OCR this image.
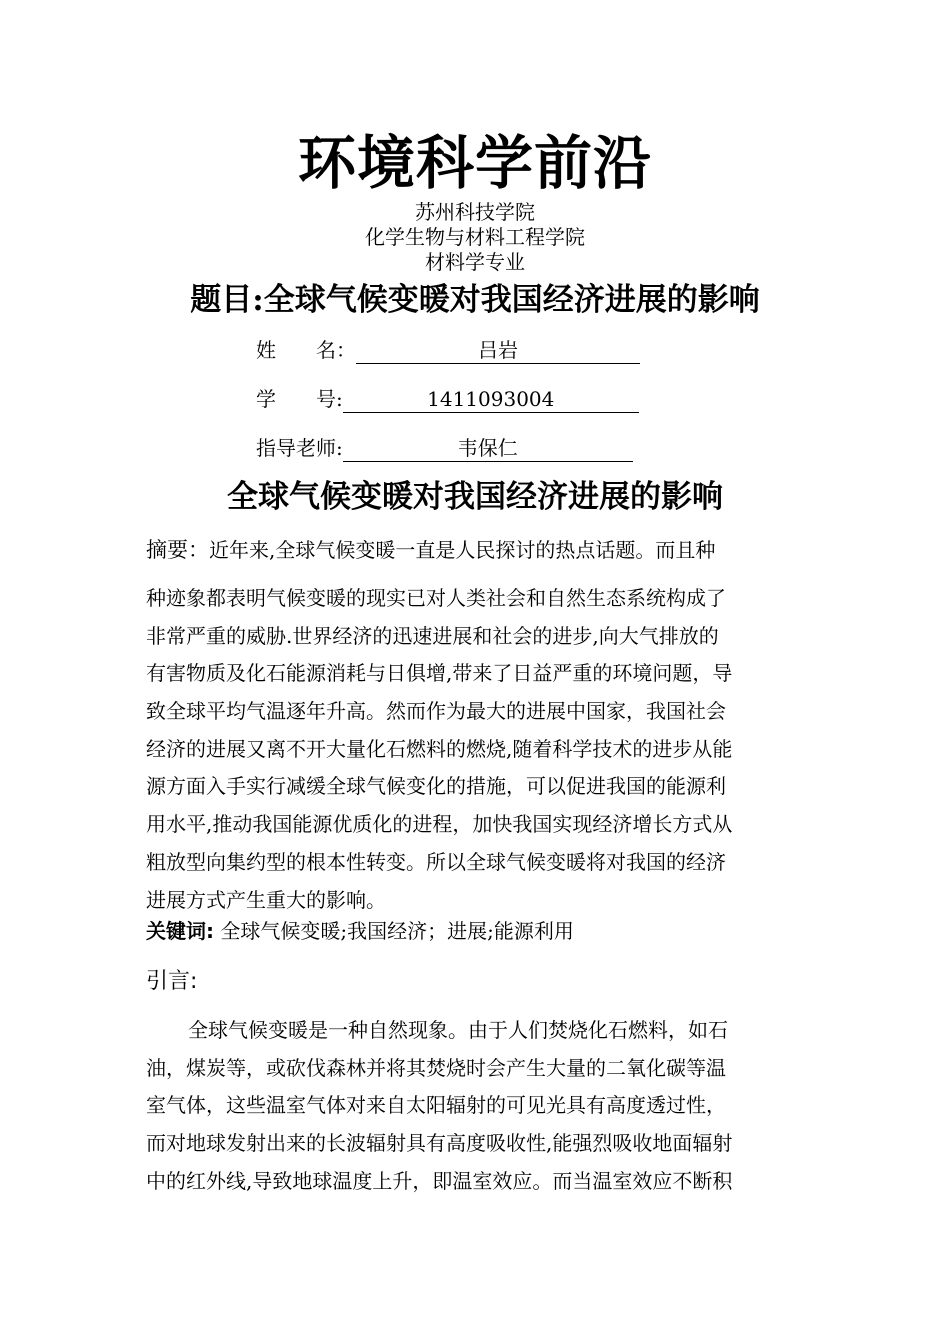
环境科学前沿
苏州科技学院
化学生物与材料工程学院
材料学专业
题目:全球气候变暖对我国经济进展的影响
姓　　名：	吕岩
学　　号:	1411093004
指导老师:	韦保仁
全球气候变暖对我国经济进展的影响
摘要：近年来,全球气候变暖一直是人民探讨的热点话题。而且种
种迹象都表明气候变暖的现实已对人类社会和自然生态系统构成了
非常严重的威胁.世界经济的迅速进展和社会的进步,向大气排放的
有害物质及化石能源消耗与日俱增,带来了日益严重的环境问题，导
致全球平均气温逐年升高。然而作为最大的进展中国家，我国社会
经济的进展又离不开大量化石燃料的燃烧,随着科学技术的进步从能
源方面入手实行减缓全球气候变化的措施，可以促进我国的能源利
用水平,推动我国能源优质化的进程，加快我国实现经济增长方式从
粗放型向集约型的根本性转变。所以全球气候变暖将对我国的经济
进展方式产生重大的影响。
关键词: 全球气候变暖;我国经济；进展;能源利用
引言:
全球气候变暖是一种自然现象。由于人们焚烧化石燃料，如石
油，煤炭等，或砍伐森林并将其焚烧时会产生大量的二氧化碳等温
室气体，这些温室气体对来自太阳辐射的可见光具有高度透过性，
而对地球发射出来的长波辐射具有高度吸收性,能强烈吸收地面辐射
中的红外线,导致地球温度上升，即温室效应。而当温室效应不断积
